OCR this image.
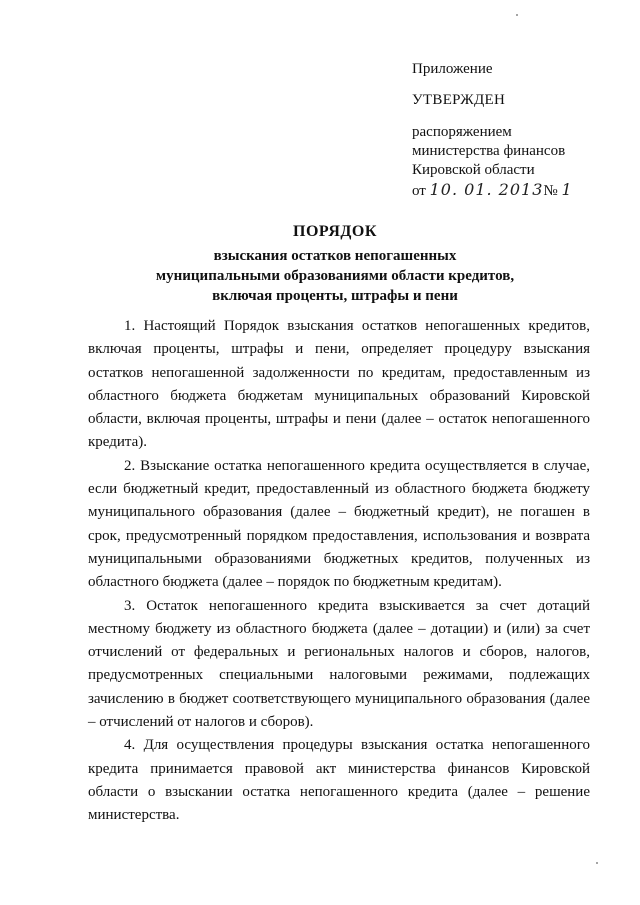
Приложение
УТВЕРЖДЕН
распоряжением
министерства финансов
Кировской области
от 10. 01. 2013№ 1
ПОРЯДОК
взыскания остатков непогашенных
муниципальными образованиями области кредитов,
включая проценты, штрафы и пени

1. Настоящий Порядок взыскания остатков непогашенных кредитов, включая проценты, штрафы и пени, определяет процедуру взыскания остатков непогашенной задолженности по кредитам, предоставленным из областного бюджета бюджетам муниципальных образований Кировской области, включая проценты, штрафы и пени (далее – остаток непогашенного кредита).

2. Взыскание остатка непогашенного кредита осуществляется в случае, если бюджетный кредит, предоставленный из областного бюджета бюджету муниципального образования (далее – бюджетный кредит), не погашен в срок, предусмотренный порядком предоставления, использования и возврата муниципальными образованиями бюджетных кредитов, полученных из областного бюджета (далее – порядок по бюджетным кредитам).

3. Остаток непогашенного кредита взыскивается за счет дотаций местному бюджету из областного бюджета (далее – дотации) и (или) за счет отчислений от федеральных и региональных налогов и сборов, налогов, предусмотренных специальными налоговыми режимами, подлежащих зачислению в бюджет соответствующего муниципального образования (далее – отчислений от налогов и сборов).

4. Для осуществления процедуры взыскания остатка непогашенного кредита принимается правовой акт министерства финансов Кировской области о взыскании остатка непогашенного кредита (далее – решение министерства.
